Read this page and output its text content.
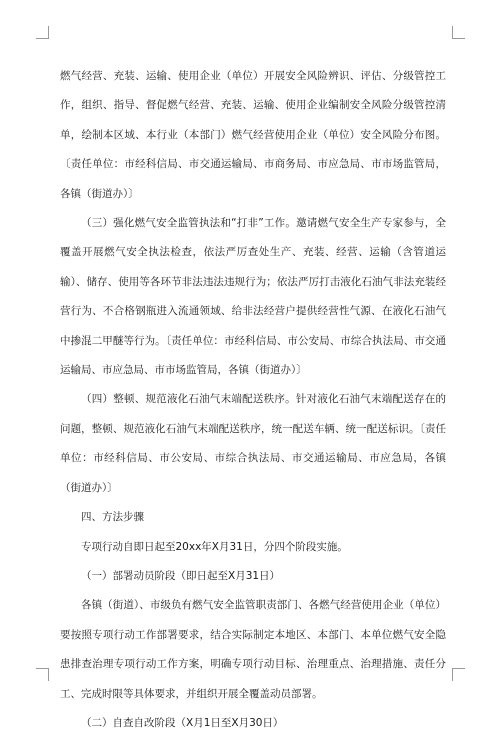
燃气经营、充装、运输、使用企业（单位）开展安全风险辨识、评估、分级管控工作，组织、指导、督促燃气经营、充装、运输、使用企业编制安全风险分级管控清单，绘制本区域、本行业（本部门）燃气经营使用企业（单位）安全风险分布图。〔责任单位：市经科信局、市交通运输局、市商务局、市应急局、市市场监管局，各镇（街道办）〕

（三）强化燃气安全监管执法和“打非”工作。邀请燃气安全生产专家参与，全覆盖开展燃气安全执法检查，依法严厉查处生产、充装、经营、运输（含管道运输）、储存、使用等各环节非法违法违规行为；依法严厉打击液化石油气非法充装经营行为、不合格钢瓶进入流通领域、给非法经营户提供经营性气源、在液化石油气中掺混二甲醚等行为。〔责任单位：市经科信局、市公安局、市综合执法局、市交通运输局、市应急局、市市场监管局，各镇（街道办）〕

（四）整顿、规范液化石油气末端配送秩序。针对液化石油气末端配送存在的问题，整顿、规范液化石油气末端配送秩序，统一配送车辆、统一配送标识。〔责任单位：市经科信局、市公安局、市综合执法局、市交通运输局、市应急局，各镇（街道办）〕

四、方法步骤

专项行动自即日起至20xx年X月31日，分四个阶段实施。

（一）部署动员阶段（即日起至X月31日）

各镇（街道）、市级负有燃气安全监管职责部门、各燃气经营使用企业（单位）要按照专项行动工作部署要求，结合实际制定本地区、本部门、本单位燃气安全隐患排查治理专项行动工作方案，明确专项行动目标、治理重点、治理措施、责任分工、完成时限等具体要求，并组织开展全覆盖动员部署。

（二）自查自改阶段（X月1日至X月30日）
